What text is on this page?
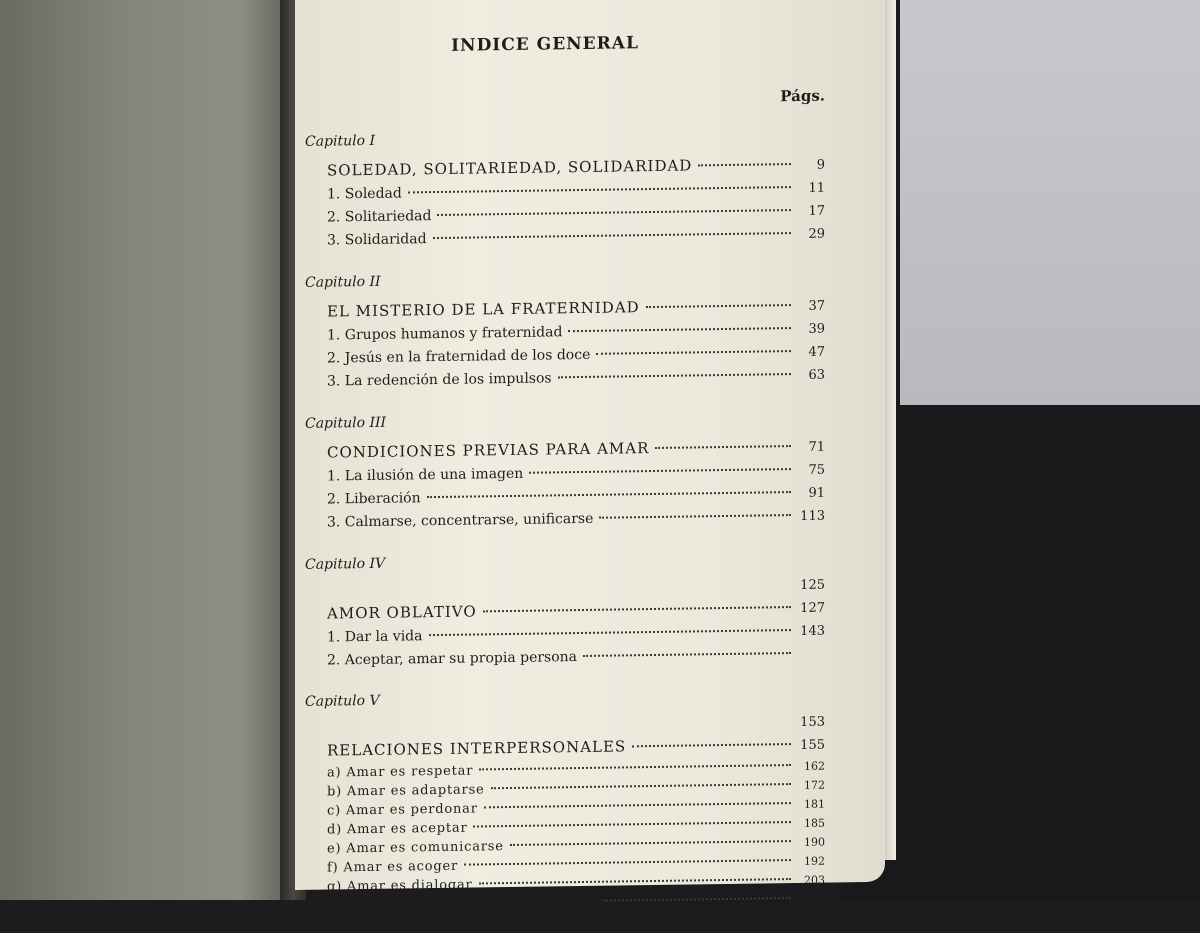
INDICE GENERAL
Págs.
Capitulo I
SOLEDAD, SOLITARIEDAD, SOLIDARIDAD	9
1. Soledad	11
2. Solitariedad	17
3. Solidaridad	29
Capitulo II
EL MISTERIO DE LA FRATERNIDAD	37
1. Grupos humanos y fraternidad	39
2. Jesús en la fraternidad de los doce	47
3. La redención de los impulsos	63
Capitulo III
CONDICIONES PREVIAS PARA AMAR	71
1. La ilusión de una imagen	75
2. Liberación	91
3. Calmarse, concentrarse, unificarse	113
Capitulo IV
125
AMOR OBLATIVO	127
1. Dar la vida	143
2. Aceptar, amar su propia persona
Capitulo V
153
RELACIONES INTERPERSONALES	155
a) Amar es respetar	162
b) Amar es adaptarse	172
c) Amar es perdonar	181
d) Amar es aceptar	185
e) Amar es comunicarse	190
f) Amar es acoger	192
g) Amar es dialogar	203
h) Amar es asumir al hermano difícil	221
Conclusión: Sube Conmigo
